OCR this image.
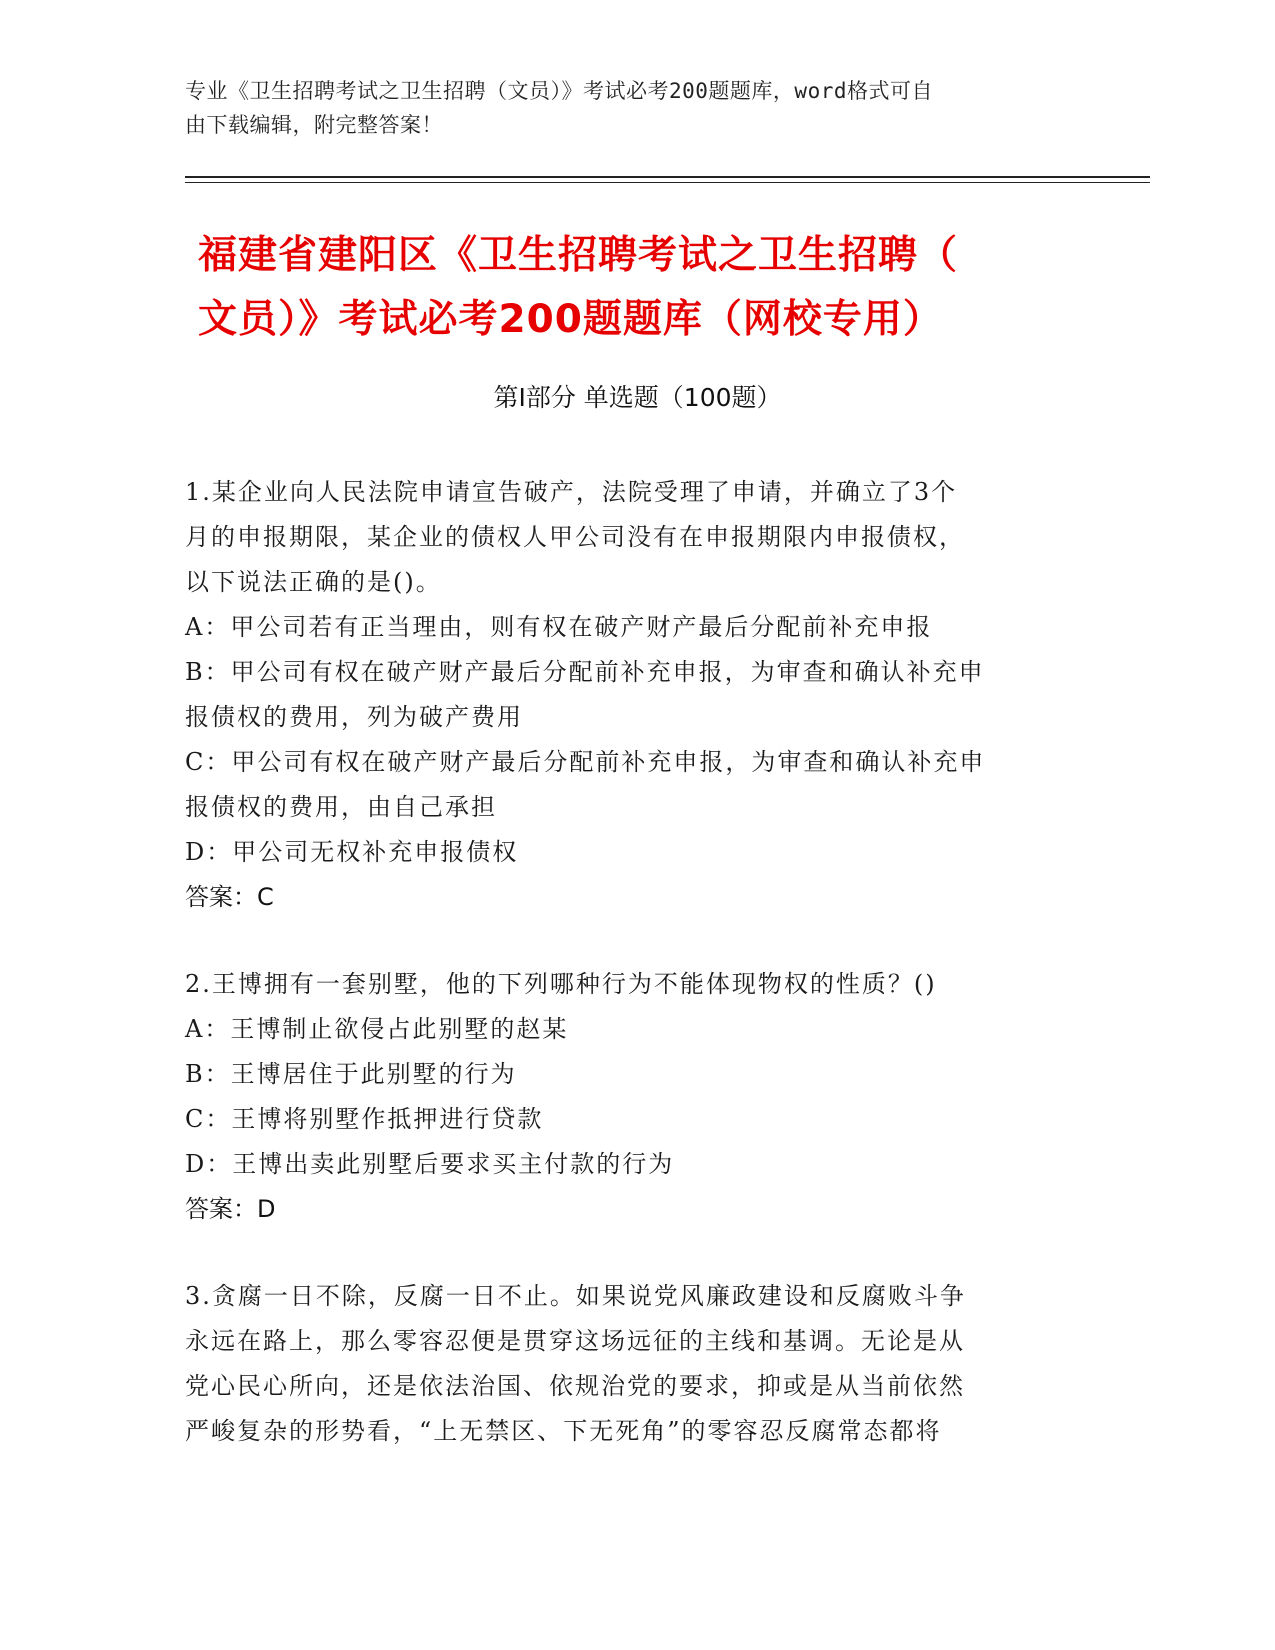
专业《卫生招聘考试之卫生招聘（文员）》考试必考200题题库，word格式可自
由下载编辑，附完整答案！
福建省建阳区《卫生招聘考试之卫生招聘（
文员）》考试必考200题题库（网校专用）
第Ⅰ部分 单选题（100题）

1.某企业向人民法院申请宣告破产，法院受理了申请，并确立了3个

月的申报期限，某企业的债权人甲公司没有在申报期限内申报债权，

以下说法正确的是()。

A：甲公司若有正当理由，则有权在破产财产最后分配前补充申报

B：甲公司有权在破产财产最后分配前补充申报，为审查和确认补充申

报债权的费用，列为破产费用

C：甲公司有权在破产财产最后分配前补充申报，为审查和确认补充申

报债权的费用，由自己承担

D：甲公司无权补充申报债权

答案：C

2.王博拥有一套别墅，他的下列哪种行为不能体现物权的性质？()

A：王博制止欲侵占此别墅的赵某

B：王博居住于此别墅的行为

C：王博将别墅作抵押进行贷款

D：王博出卖此别墅后要求买主付款的行为

答案：D

3.贪腐一日不除，反腐一日不止。如果说党风廉政建设和反腐败斗争

永远在路上，那么零容忍便是贯穿这场远征的主线和基调。无论是从

党心民心所向，还是依法治国、依规治党的要求，抑或是从当前依然

严峻复杂的形势看，“上无禁区、下无死角”的零容忍反腐常态都将
